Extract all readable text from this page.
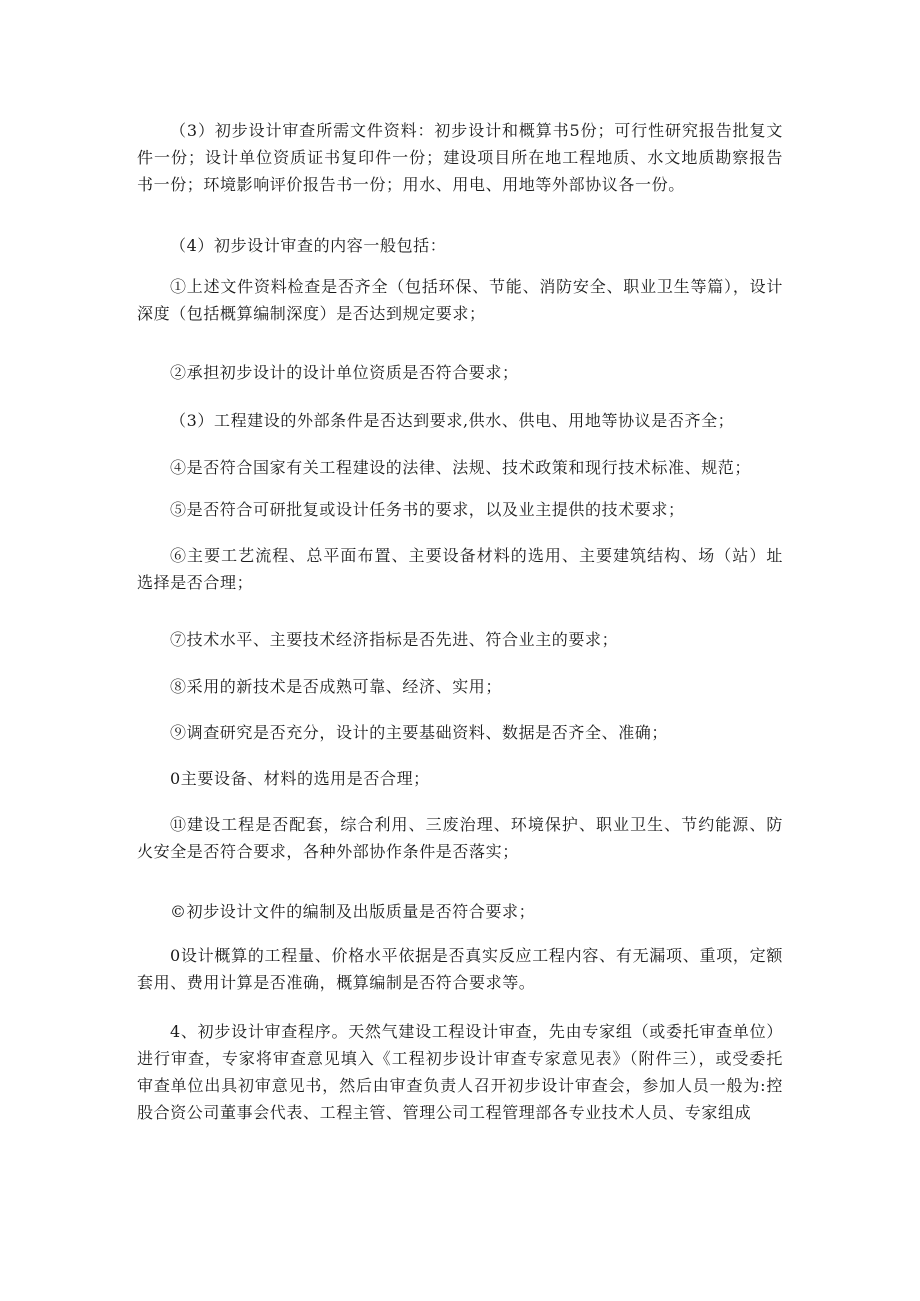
（3）初步设计审查所需文件资料：初步设计和概算书5份；可行性研究报告批复文件一份；设计单位资质证书复印件一份；建设项目所在地工程地质、水文地质勘察报告书一份；环境影响评价报告书一份；用水、用电、用地等外部协议各一份。

（4）初步设计审查的内容一般包括：

①上述文件资料检查是否齐全（包括环保、节能、消防安全、职业卫生等篇），设计深度（包括概算编制深度）是否达到规定要求；

②承担初步设计的设计单位资质是否符合要求；

（3）工程建设的外部条件是否达到要求,供水、供电、用地等协议是否齐全；

④是否符合国家有关工程建设的法律、法规、技术政策和现行技术标准、规范；

⑤是否符合可研批复或设计任务书的要求，以及业主提供的技术要求；

⑥主要工艺流程、总平面布置、主要设备材料的选用、主要建筑结构、场（站）址选择是否合理；

⑦技术水平、主要技术经济指标是否先进、符合业主的要求；

⑧采用的新技术是否成熟可靠、经济、实用；

⑨调查研究是否充分，设计的主要基础资料、数据是否齐全、准确；

0主要设备、材料的选用是否合理；

⑪建设工程是否配套，综合利用、三废治理、环境保护、职业卫生、节约能源、防火安全是否符合要求，各种外部协作条件是否落实；

©初步设计文件的编制及出版质量是否符合要求；

0设计概算的工程量、价格水平依据是否真实反应工程内容、有无漏项、重项，定额套用、费用计算是否准确，概算编制是否符合要求等。

4、初步设计审查程序。天然气建设工程设计审查，先由专家组（或委托审查单位）进行审查，专家将审查意见填入《工程初步设计审查专家意见表》（附件三），或受委托审查单位出具初审意见书，然后由审查负责人召开初步设计审查会，参加人员一般为:控股合资公司董事会代表、工程主管、管理公司工程管理部各专业技术人员、专家组成
